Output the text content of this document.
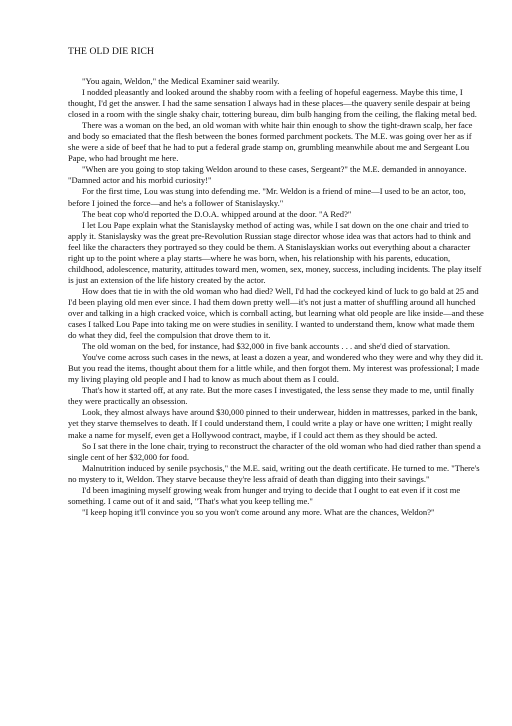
THE OLD DIE RICH

"You again, Weldon," the Medical Examiner said wearily.

I nodded pleasantly and looked around the shabby room with a feeling of hopeful eagerness. Maybe this time, I thought, I'd get the answer. I had the same sensation I always had in these places—the quavery senile despair at being closed in a room with the single shaky chair, tottering bureau, dim bulb hanging from the ceiling, the flaking metal bed.

There was a woman on the bed, an old woman with white hair thin enough to show the tight-drawn scalp, her face and body so emaciated that the flesh between the bones formed parchment pockets. The M.E. was going over her as if she were a side of beef that he had to put a federal grade stamp on, grumbling meanwhile about me and Sergeant Lou Pape, who had brought me here.

"When are you going to stop taking Weldon around to these cases, Sergeant?" the M.E. demanded in annoyance. "Damned actor and his morbid curiosity!"

For the first time, Lou was stung into defending me. "Mr. Weldon is a friend of mine—I used to be an actor, too, before I joined the force—and he's a follower of Stanislaysky."

The beat cop who'd reported the D.O.A. whipped around at the door. "A Red?"

I let Lou Pape explain what the Stanislaysky method of acting was, while I sat down on the one chair and tried to apply it. Stanislaysky was the great pre-Revolution Russian stage director whose idea was that actors had to think and feel like the characters they portrayed so they could be them. A Stanislayskian works out everything about a character right up to the point where a play starts—where he was born, when, his relationship with his parents, education, childhood, adolescence, maturity, attitudes toward men, women, sex, money, success, including incidents. The play itself is just an extension of the life history created by the actor.

How does that tie in with the old woman who had died? Well, I'd had the cockeyed kind of luck to go bald at 25 and I'd been playing old men ever since. I had them down pretty well—it's not just a matter of shuffling around all hunched over and talking in a high cracked voice, which is cornball acting, but learning what old people are like inside—and these cases I talked Lou Pape into taking me on were studies in senility. I wanted to understand them, know what made them do what they did, feel the compulsion that drove them to it.

The old woman on the bed, for instance, had $32,000 in five bank accounts . . . and she'd died of starvation.

You've come across such cases in the news, at least a dozen a year, and wondered who they were and why they did it. But you read the items, thought about them for a little while, and then forgot them. My interest was professional; I made my living playing old people and I had to know as much about them as I could.

That's how it started off, at any rate. But the more cases I investigated, the less sense they made to me, until finally they were practically an obsession.

Look, they almost always have around $30,000 pinned to their underwear, hidden in mattresses, parked in the bank, yet they starve themselves to death. If I could understand them, I could write a play or have one written; I might really make a name for myself, even get a Hollywood contract, maybe, if I could act them as they should be acted.

So I sat there in the lone chair, trying to reconstruct the character of the old woman who had died rather than spend a single cent of her $32,000 for food.

Malnutrition induced by senile psychosis," the M.E. said, writing out the death certificate. He turned to me. "There's no mystery to it, Weldon. They starve because they're less afraid of death than digging into their savings."

I'd been imagining myself growing weak from hunger and trying to decide that I ought to eat even if it cost me something. I came out of it and said, "That's what you keep telling me."

"I keep hoping it'll convince you so you won't come around any more. What are the chances, Weldon?"
